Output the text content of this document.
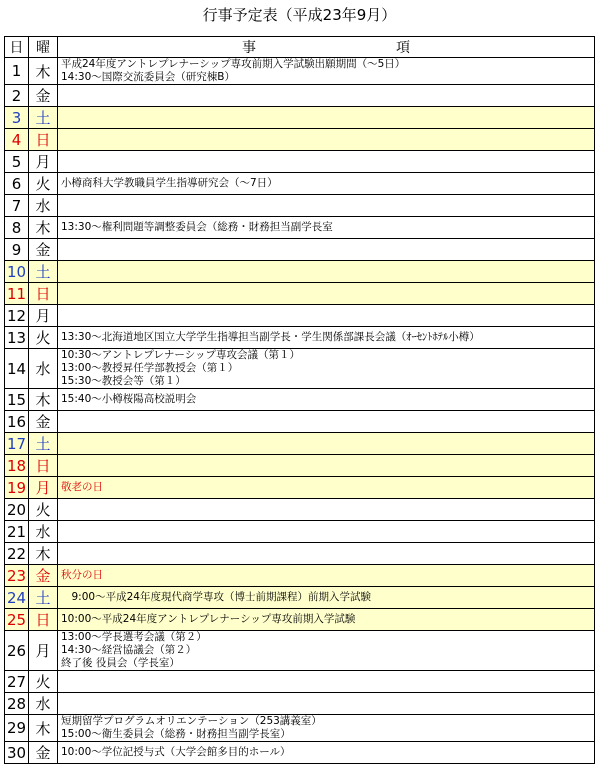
行事予定表（平成23年9月）
日	曜	事　　　　　　　　　　項
1	木	平成24年度アントレプレナーシップ専攻前期入学試験出願期間（～5日）
14:30～国際交流委員会（研究棟B）

2	金	
3	土	
4	日	
5	月	
6	火	小樽商科大学教職員学生指導研究会（～7日）

7	水	
8	木	13:30～権利問題等調整委員会（総務・財務担当副学長室

9	金	
10	土	
11	日	
12	月	
13	火	13:30～北海道地区国立大学学生指導担当副学長・学生関係部課長会議（ｵｰｾﾝﾄﾎﾃﾙ小樽）

14	水	10:30～アントレプレナーシップ専攻会議（第１）
13:00～教授昇任学部教授会（第１）
15:30～教授会等（第１）

15	木	15:40～小樽桜陽高校説明会

16	金	
17	土	
18	日	
19	月	敬老の日

20	火	
21	水	
22	木	
23	金	秋分の日

24	土	　9:00～平成24年度現代商学専攻（博士前期課程）前期入学試験

25	日	10:00～平成24年度アントレプレナーシップ専攻前期入学試験

26	月	13:00～学長選考会議（第２）
14:30～経営協議会（第２）
終了後 役員会（学長室）

27	火	
28	水	
29	木	短期留学プログラムオリエンテーション（253講義室）
15:00～衛生委員会（総務・財務担当副学長室）

30	金	10:00～学位記授与式（大学会館多目的ホール）
